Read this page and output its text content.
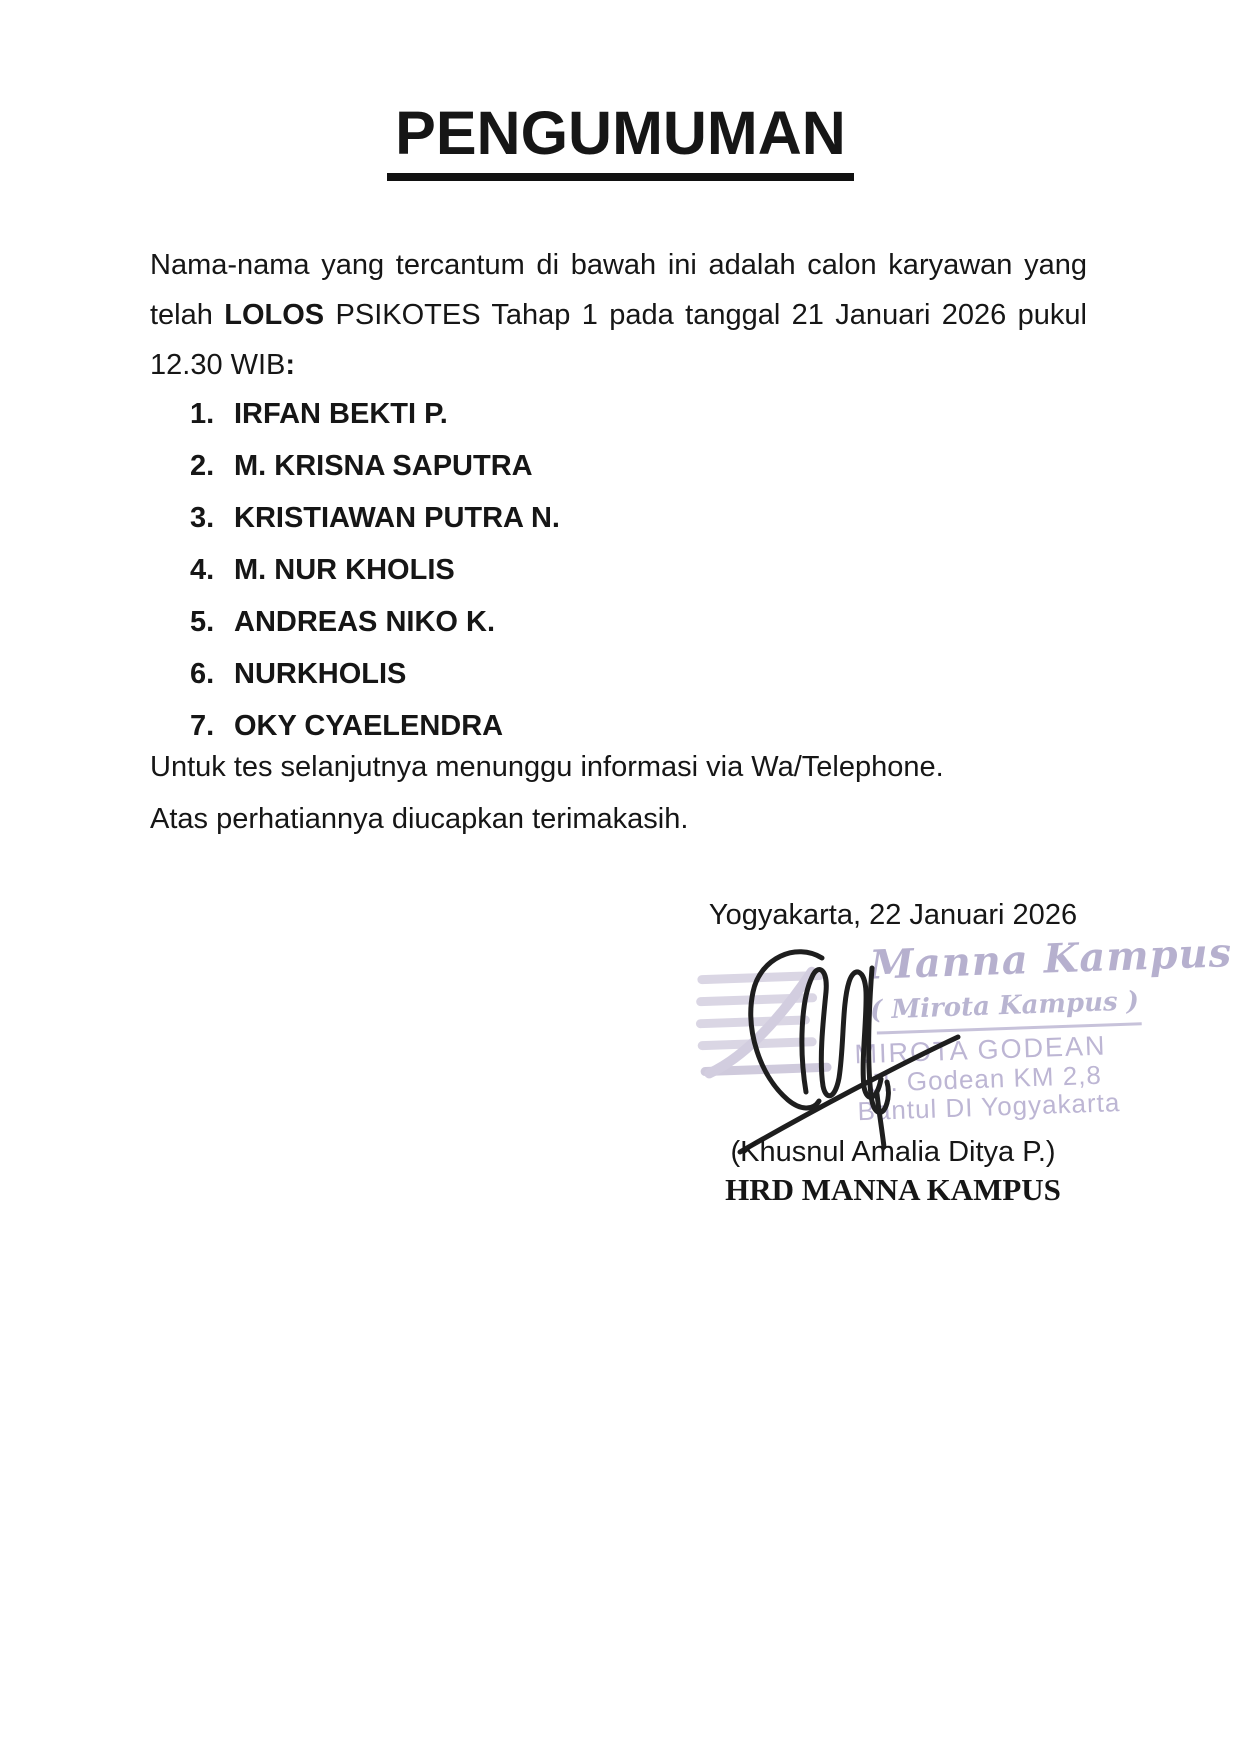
PENGUMUMAN
Nama-nama yang tercantum di bawah ini adalah calon karyawan yang
telah LOLOS PSIKOTES Tahap 1 pada tanggal 21 Januari 2026 pukul
12.30 WIB:
1. IRFAN BEKTI P.
2. M. KRISNA SAPUTRA
3. KRISTIAWAN PUTRA N.
4. M. NUR KHOLIS
5. ANDREAS NIKO K.
6. NURKHOLIS
7. OKY CYAELENDRA

Untuk tes selanjutnya menunggu informasi via Wa/Telephone.

Atas perhatiannya diucapkan terimakasih.

Yogyakarta, 22 Januari 2026
Manna Kampus
( Mirota Kampus )
MIROTA GODEAN
Jl. Godean KM 2,8
Bantul DI Yogyakarta
(Khusnul Amalia Ditya P.)
HRD MANNA KAMPUS
